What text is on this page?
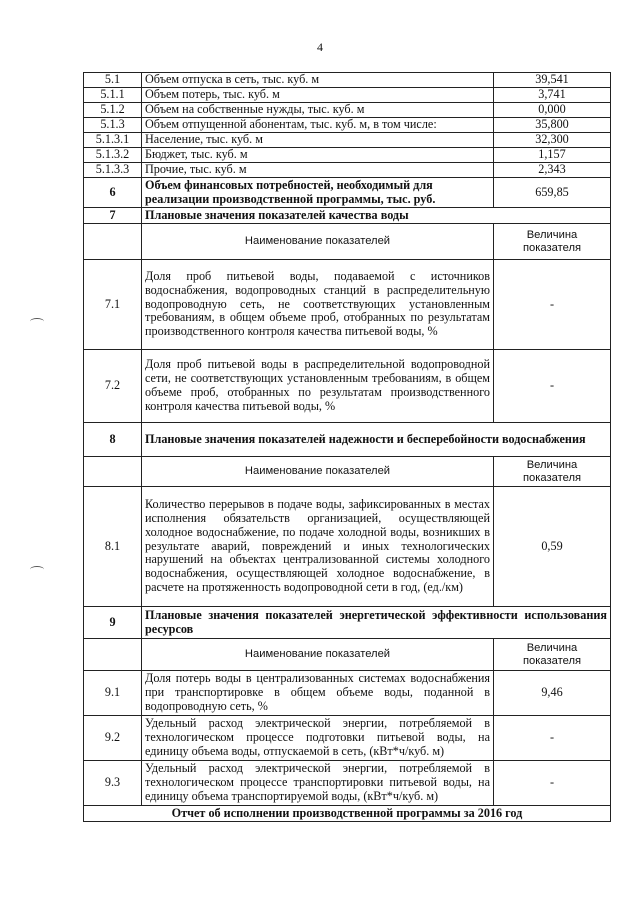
4
5.1	Объем отпуска в сеть, тыс. куб. м	39,541
5.1.1	Объем потерь, тыс. куб. м	3,741
5.1.2	Объем на собственные нужды, тыс. куб. м	0,000
5.1.3	Объем отпущенной абонентам, тыс. куб. м, в том числе:	35,800
5.1.3.1	Население, тыс. куб. м	32,300
5.1.3.2	Бюджет, тыс. куб. м	1,157
5.1.3.3	Прочие, тыс. куб. м	2,343
6	Объем финансовых потребностей, необходимый для реализации производственной программы, тыс. руб.	659,85
7	Плановые значения показателей качества воды	
	Наименование показателей	Величина показателя
7.1	Доля проб питьевой воды, подаваемой с источников водоснабжения, водопроводных станций в распределительную водопроводную сеть, не соответствующих установленным требованиям, в общем объеме проб, отобранных по результатам производственного контроля качества питьевой воды, %	-
7.2	Доля проб питьевой воды в распределительной водопроводной сети, не соответствующих установленным требованиям, в общем объеме проб, отобранных по результатам производственного контроля качества питьевой воды, %	-
8	Плановые значения показателей надежности и бесперебойности водоснабжения	
	Наименование показателей	Величина показателя
8.1	Количество перерывов в подаче воды, зафиксированных в местах исполнения обязательств организацией, осуществляющей холодное водоснабжение, по подаче холодной воды, возникших в результате аварий, повреждений и иных технологических нарушений на объектах централизованной системы холодного водоснабжения, осуществляющей холодное водоснабжение, в расчете на протяженность водопроводной сети в год, (ед./км)	0,59
9	Плановые значения показателей энергетической эффективности использования ресурсов	
	Наименование показателей	Величина показателя
9.1	Доля потерь воды в централизованных системах водоснабжения при транспортировке в общем объеме воды, поданной в водопроводную сеть, %	9,46
9.2	Удельный расход электрической энергии, потребляемой в технологическом процессе подготовки питьевой воды, на единицу объема воды, отпускаемой в сеть, (кВт*ч/куб. м)	-
9.3	Удельный расход электрической энергии, потребляемой в технологическом процессе транспортировки питьевой воды, на единицу объема транспортируемой воды, (кВт*ч/куб. м)	-
Отчет об исполнении производственной программы за 2016 год		
